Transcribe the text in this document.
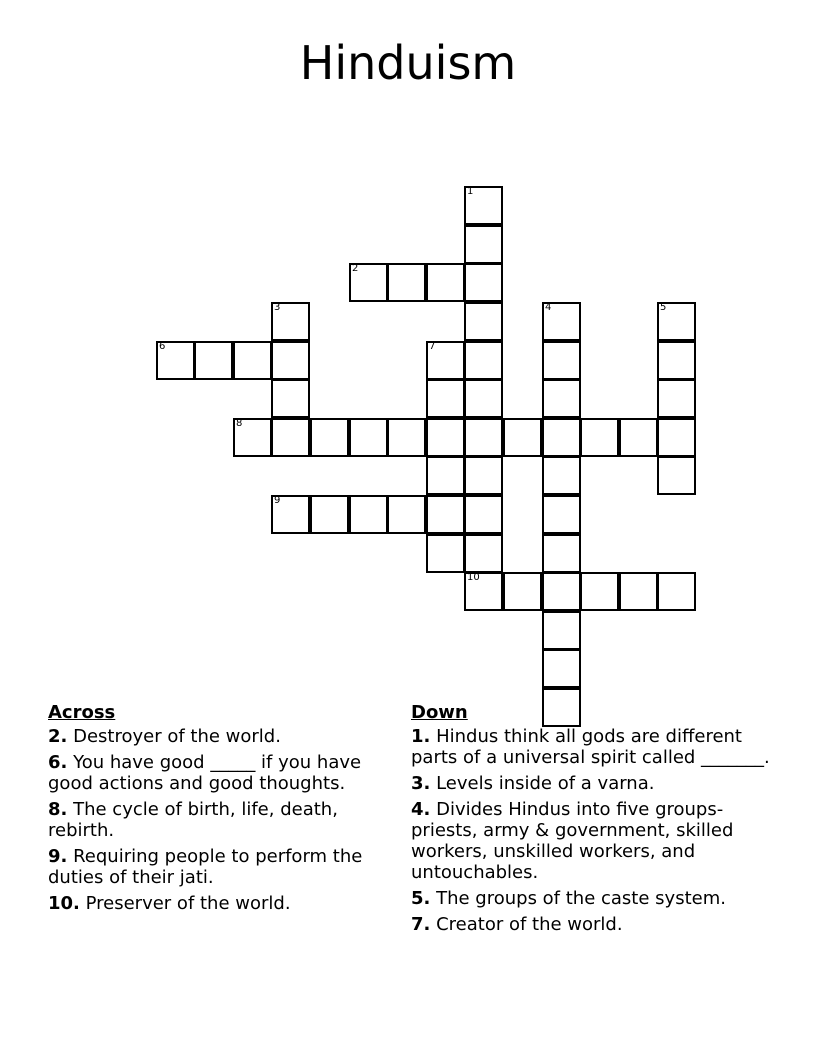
Hinduism
1
2
3	4	5
6	7
8
9
10
Across
2. Destroyer of the world.
6. You have good _____ if you have good actions and good thoughts.
8. The cycle of birth, life, death, rebirth.
9. Requiring people to perform the duties of their jati.
10. Preserver of the world.
Down
1. Hindus think all gods are different parts of a universal spirit called _______.
3. Levels inside of a varna.
4. Divides Hindus into five groups- priests, army & government, skilled workers, unskilled workers, and untouchables.
5. The groups of the caste system.
7. Creator of the world.
